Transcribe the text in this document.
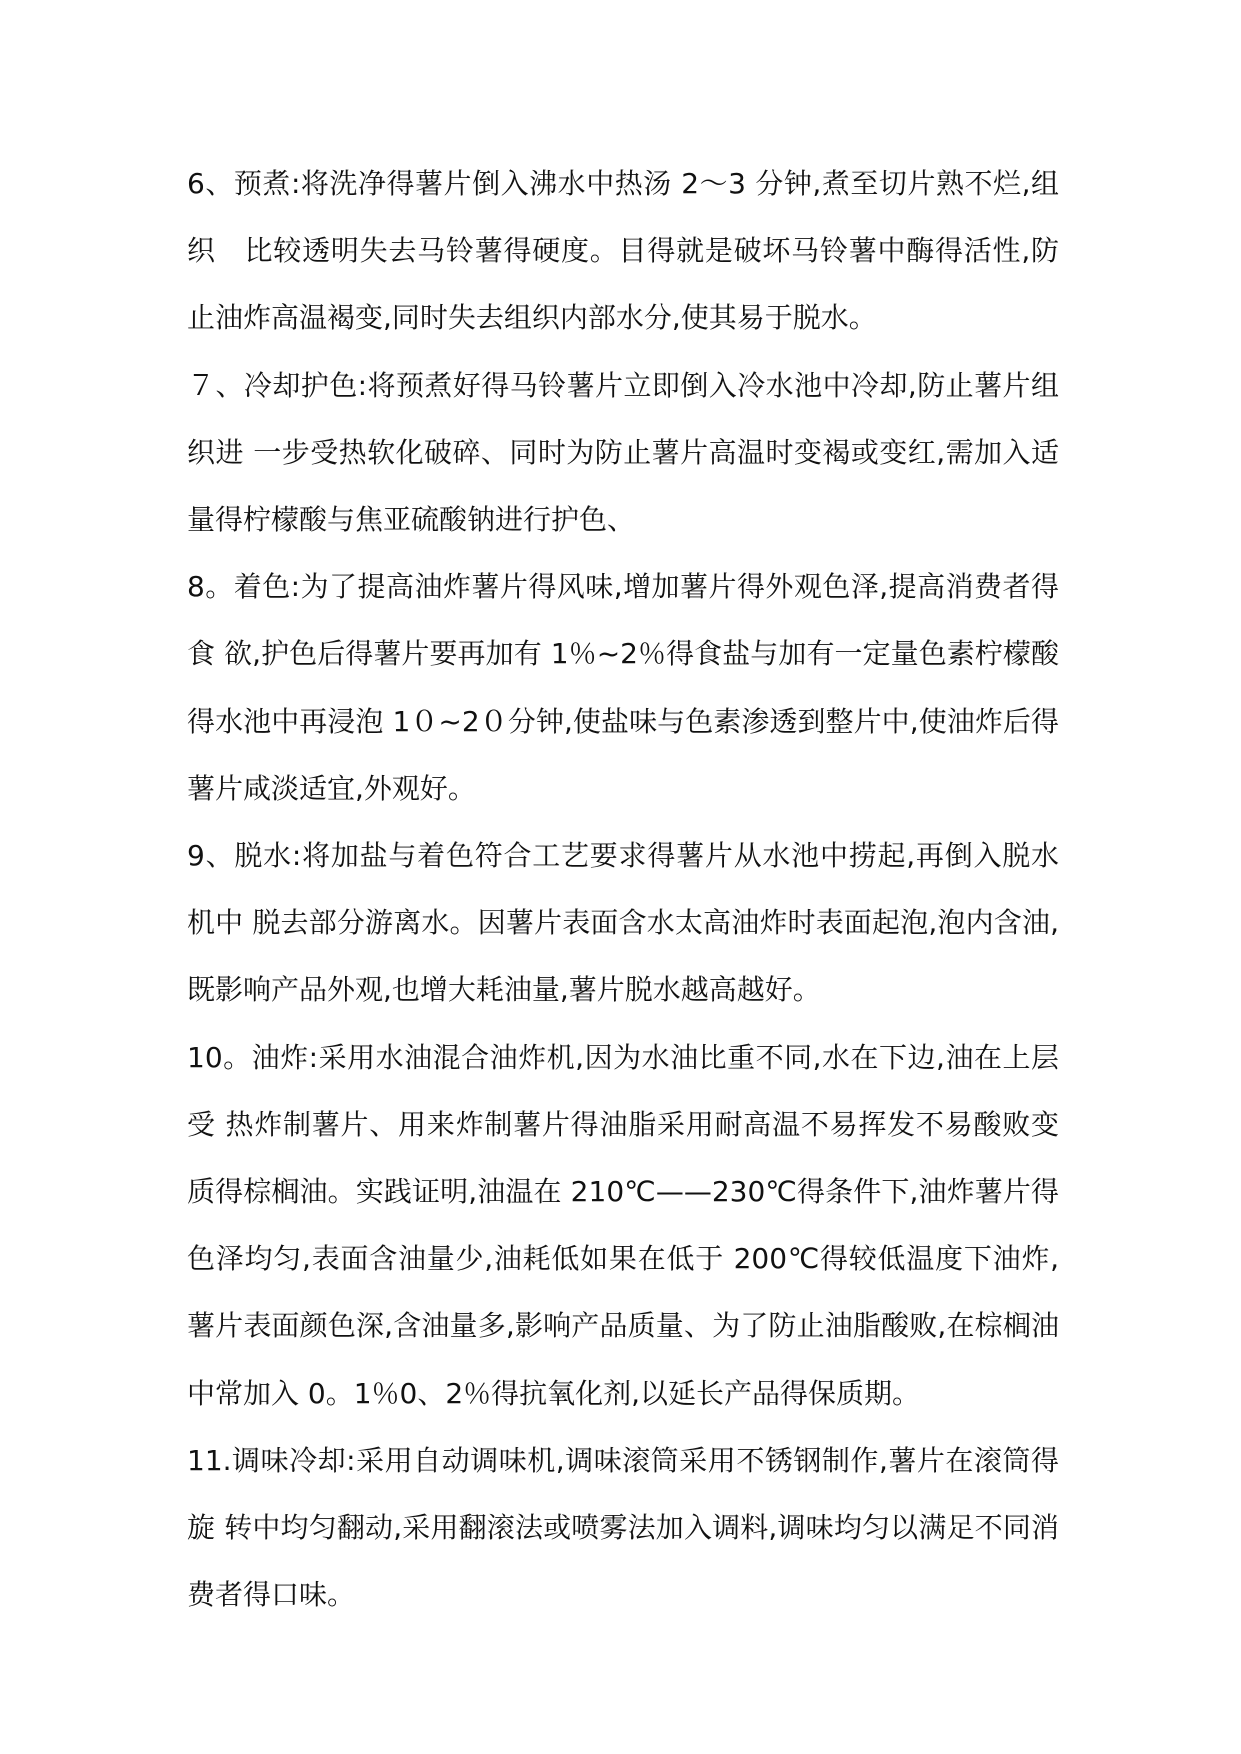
6、预煮:将洗净得薯片倒入沸水中热汤 2～3 分钟,煮至切片熟不烂,组织　比较透明失去马铃薯得硬度。目得就是破坏马铃薯中酶得活性,防止油炸高温褐变,同时失去组织内部水分,使其易于脱水。

７、冷却护色:将预煮好得马铃薯片立即倒入冷水池中冷却,防止薯片组织进 一步受热软化破碎、同时为防止薯片高温时变褐或变红,需加入适量得柠檬酸与焦亚硫酸钠进行护色、

8。着色:为了提高油炸薯片得风味,增加薯片得外观色泽,提高消费者得食 欲,护色后得薯片要再加有 1％~2％得食盐与加有一定量色素柠檬酸得水池中再浸泡 1０~2０分钟,使盐味与色素渗透到整片中,使油炸后得薯片咸淡适宜,外观好。

9、脱水:将加盐与着色符合工艺要求得薯片从水池中捞起,再倒入脱水机中 脱去部分游离水。因薯片表面含水太高油炸时表面起泡,泡内含油,既影响产品外观,也增大耗油量,薯片脱水越高越好。

10。油炸:采用水油混合油炸机,因为水油比重不同,水在下边,油在上层受 热炸制薯片、用来炸制薯片得油脂采用耐高温不易挥发不易酸败变质得棕榈油。实践证明,油温在 210℃——230℃得条件下,油炸薯片得色泽均匀,表面含油量少,油耗低如果在低于 200℃得较低温度下油炸,薯片表面颜色深,含油量多,影响产品质量、为了防止油脂酸败,在棕榈油中常加入 0。1％0、2％得抗氧化剂,以延长产品得保质期。

11.调味冷却:采用自动调味机,调味滚筒采用不锈钢制作,薯片在滚筒得旋 转中均匀翻动,采用翻滚法或喷雾法加入调料,调味均匀以满足不同消费者得口味。
